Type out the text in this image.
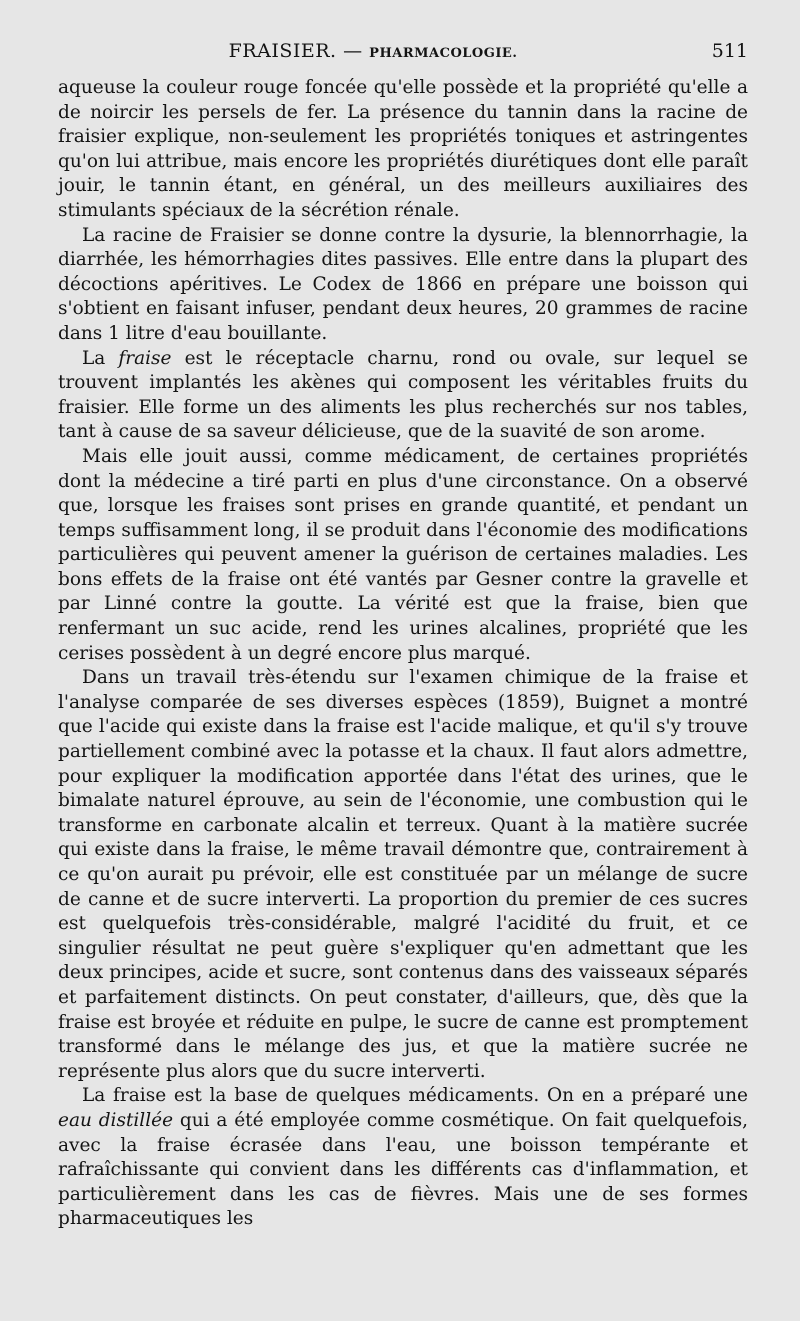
FRAISIER. — PHARMACOLOGIE.	511

aqueuse la couleur rouge foncée qu'elle possède et la propriété qu'elle a de noircir les persels de fer. La présence du tannin dans la racine de fraisier explique, non-seulement les propriétés toniques et astringentes qu'on lui attribue, mais encore les propriétés diurétiques dont elle paraît jouir, le tannin étant, en général, un des meilleurs auxiliaires des stimulants spéciaux de la sécrétion rénale.

La racine de Fraisier se donne contre la dysurie, la blennorrhagie, la diarrhée, les hémorrhagies dites passives. Elle entre dans la plupart des décoctions apéritives. Le Codex de 1866 en prépare une boisson qui s'obtient en faisant infuser, pendant deux heures, 20 grammes de racine dans 1 litre d'eau bouillante.

La fraise est le réceptacle charnu, rond ou ovale, sur lequel se trouvent implantés les akènes qui composent les véritables fruits du fraisier. Elle forme un des aliments les plus recherchés sur nos tables, tant à cause de sa saveur délicieuse, que de la suavité de son arome.

Mais elle jouit aussi, comme médicament, de certaines propriétés dont la médecine a tiré parti en plus d'une circonstance. On a observé que, lorsque les fraises sont prises en grande quantité, et pendant un temps suffisamment long, il se produit dans l'économie des modifications particulières qui peuvent amener la guérison de certaines maladies. Les bons effets de la fraise ont été vantés par Gesner contre la gravelle et par Linné contre la goutte. La vérité est que la fraise, bien que renfermant un suc acide, rend les urines alcalines, propriété que les cerises possèdent à un degré encore plus marqué.

Dans un travail très-étendu sur l'examen chimique de la fraise et l'analyse comparée de ses diverses espèces (1859), Buignet a montré que l'acide qui existe dans la fraise est l'acide malique, et qu'il s'y trouve partiellement combiné avec la potasse et la chaux. Il faut alors admettre, pour expliquer la modification apportée dans l'état des urines, que le bimalate naturel éprouve, au sein de l'économie, une combustion qui le transforme en carbonate alcalin et terreux. Quant à la matière sucrée qui existe dans la fraise, le même travail démontre que, contrairement à ce qu'on aurait pu prévoir, elle est constituée par un mélange de sucre de canne et de sucre interverti. La proportion du premier de ces sucres est quelquefois très-considérable, malgré l'acidité du fruit, et ce singulier résultat ne peut guère s'expliquer qu'en admettant que les deux principes, acide et sucre, sont contenus dans des vaisseaux séparés et parfaitement distincts. On peut constater, d'ailleurs, que, dès que la fraise est broyée et réduite en pulpe, le sucre de canne est promptement transformé dans le mélange des jus, et que la matière sucrée ne représente plus alors que du sucre interverti.

La fraise est la base de quelques médicaments. On en a préparé une eau distillée qui a été employée comme cosmétique. On fait quelquefois, avec la fraise écrasée dans l'eau, une boisson tempérante et rafraîchissante qui convient dans les différents cas d'inflammation, et particulièrement dans les cas de fièvres. Mais une de ses formes pharmaceutiques les
